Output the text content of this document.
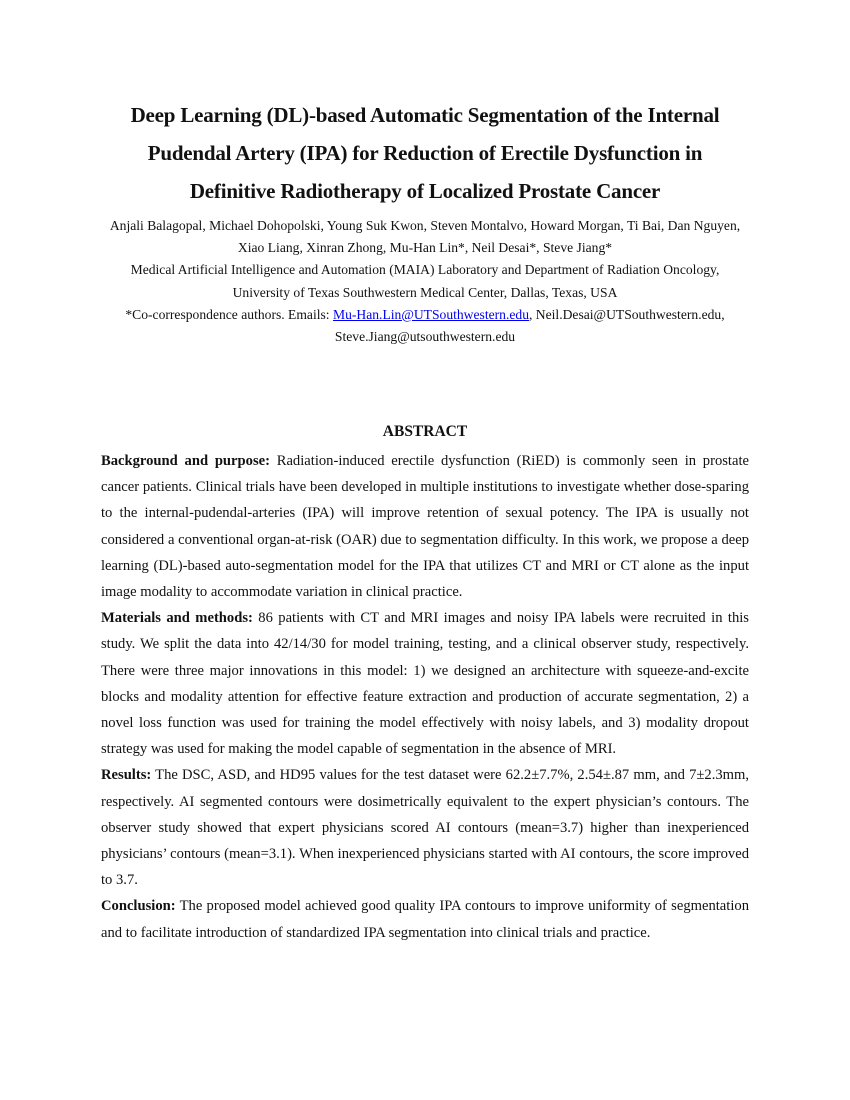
Deep Learning (DL)-based Automatic Segmentation of the Internal
Pudendal Artery (IPA) for Reduction of Erectile Dysfunction in
Definitive Radiotherapy of Localized Prostate Cancer
Anjali Balagopal, Michael Dohopolski, Young Suk Kwon, Steven Montalvo, Howard Morgan, Ti Bai, Dan Nguyen,
Xiao Liang, Xinran Zhong, Mu-Han Lin*, Neil Desai*, Steve Jiang*
Medical Artificial Intelligence and Automation (MAIA) Laboratory and Department of Radiation Oncology,
University of Texas Southwestern Medical Center, Dallas, Texas, USA
*Co-correspondence authors. Emails: Mu-Han.Lin@UTSouthwestern.edu, Neil.Desai@UTSouthwestern.edu,
Steve.Jiang@utsouthwestern.edu
ABSTRACT

Background and purpose: Radiation-induced erectile dysfunction (RiED) is commonly seen in prostate cancer patients. Clinical trials have been developed in multiple institutions to investigate whether dose-sparing to the internal-pudendal-arteries (IPA) will improve retention of sexual potency. The IPA is usually not considered a conventional organ-at-risk (OAR) due to segmentation difficulty. In this work, we propose a deep learning (DL)-based auto-segmentation model for the IPA that utilizes CT and MRI or CT alone as the input image modality to accommodate variation in clinical practice.

Materials and methods: 86 patients with CT and MRI images and noisy IPA labels were recruited in this study. We split the data into 42/14/30 for model training, testing, and a clinical observer study, respectively. There were three major innovations in this model: 1) we designed an architecture with squeeze-and-excite blocks and modality attention for effective feature extraction and production of accurate segmentation, 2) a novel loss function was used for training the model effectively with noisy labels, and 3) modality dropout strategy was used for making the model capable of segmentation in the absence of MRI.

Results: The DSC, ASD, and HD95 values for the test dataset were 62.2±7.7%, 2.54±.87 mm, and 7±2.3mm, respectively. AI segmented contours were dosimetrically equivalent to the expert physician’s contours. The observer study showed that expert physicians scored AI contours (mean=3.7) higher than inexperienced physicians’ contours (mean=3.1). When inexperienced physicians started with AI contours, the score improved to 3.7.

Conclusion: The proposed model achieved good quality IPA contours to improve uniformity of segmentation and to facilitate introduction of standardized IPA segmentation into clinical trials and practice.
